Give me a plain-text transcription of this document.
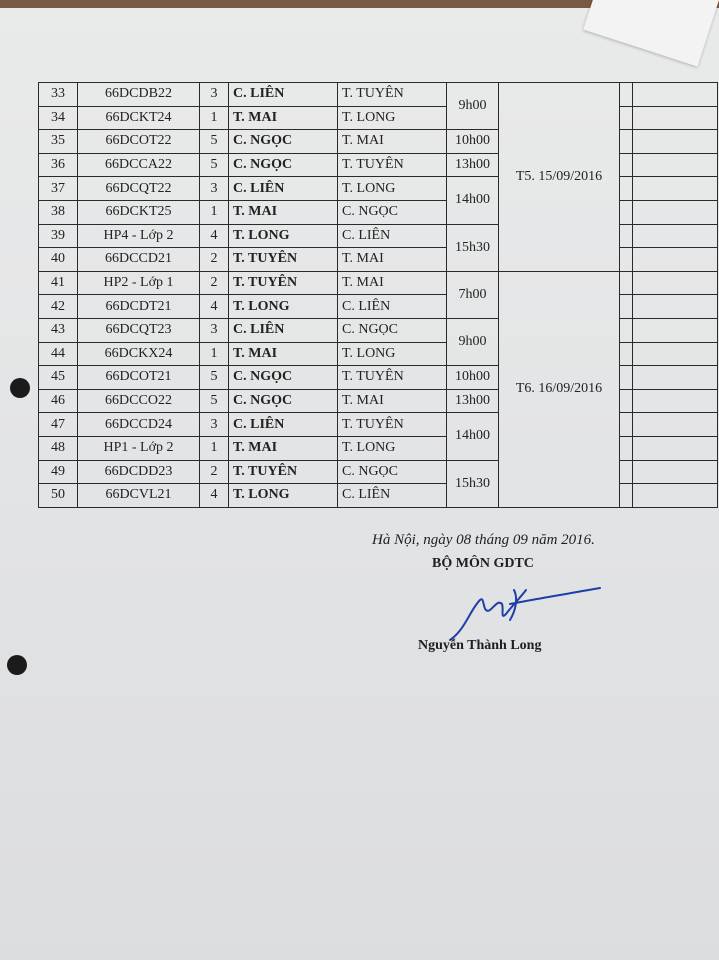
33	66DCDB22	3	C. LIÊN	T. TUYÊN	9h00	T5. 15/09/2016		
34	66DCKT24	1	T. MAI	T. LONG				
35	66DCOT22	5	C. NGỌC	T. MAI	10h00			
36	66DCCA22	5	C. NGỌC	T. TUYÊN	13h00			
37	66DCQT22	3	C. LIÊN	T. LONG	14h00			
38	66DCKT25	1	T. MAI	C. NGỌC				
39	HP4 - Lớp 2	4	T. LONG	C. LIÊN	15h30			
40	66DCCD21	2	T. TUYÊN	T. MAI				
41	HP2 - Lớp 1	2	T. TUYÊN	T. MAI	7h00	T6. 16/09/2016		
42	66DCDT21	4	T. LONG	C. LIÊN				
43	66DCQT23	3	C. LIÊN	C. NGỌC	9h00			
44	66DCKX24	1	T. MAI	T. LONG				
45	66DCOT21	5	C. NGỌC	T. TUYÊN	10h00			
46	66DCCO22	5	C. NGỌC	T. MAI	13h00			
47	66DCCD24	3	C. LIÊN	T. TUYÊN	14h00			
48	HP1 - Lớp 2	1	T. MAI	T. LONG				
49	66DCDD23	2	T. TUYÊN	C. NGỌC	15h30			
50	66DCVL21	4	T. LONG	C. LIÊN				
Hà Nội, ngày 08 tháng 09 năm 2016.
BỘ MÔN GDTC
Nguyễn Thành Long
